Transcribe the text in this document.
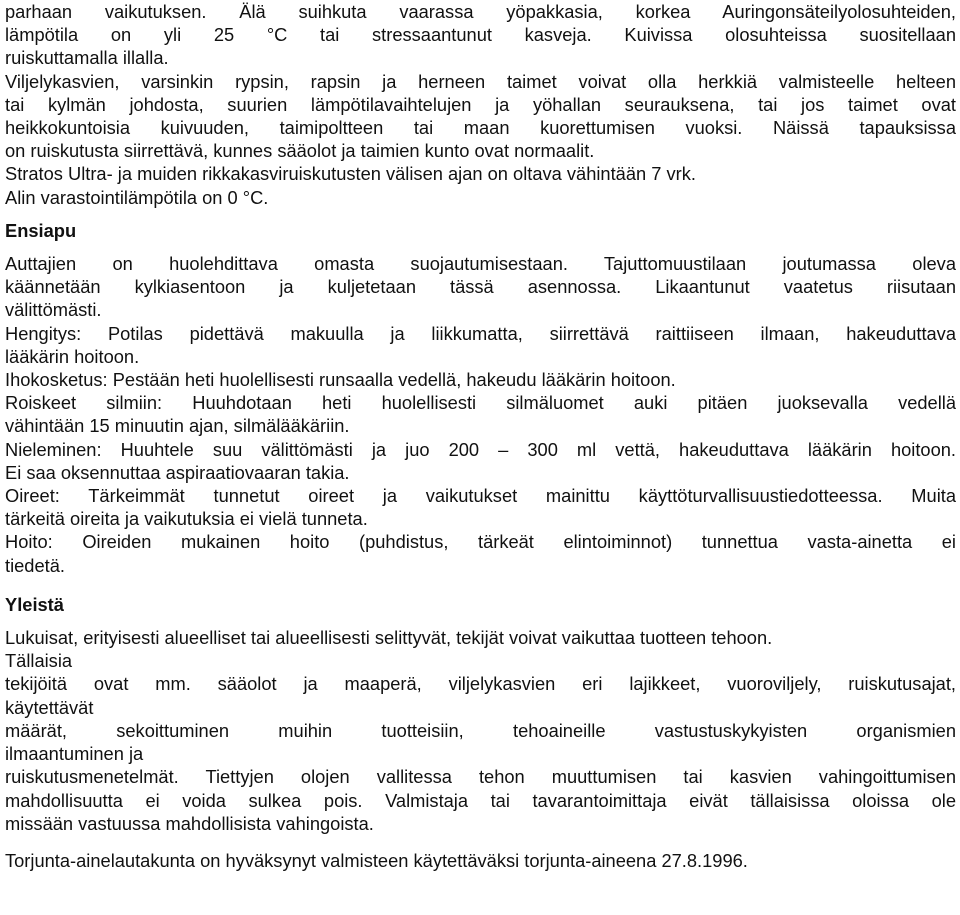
parhaan vaikutuksen. Älä suihkuta vaarassa yöpakkasia, korkea Auringonsäteilyolosuhteiden,
lämpötila on yli 25 °C tai stressaantunut kasveja. Kuivissa olosuhteissa suositellaan
ruiskuttamalla illalla.
Viljelykasvien, varsinkin rypsin, rapsin ja herneen taimet voivat olla herkkiä valmisteelle helteen
tai kylmän johdosta, suurien lämpötilavaihtelujen ja yöhallan seurauksena, tai jos taimet ovat
heikkokuntoisia kuivuuden, taimipoltteen tai maan kuorettumisen vuoksi. Näissä tapauksissa
on ruiskutusta siirrettävä, kunnes sääolot ja taimien kunto ovat normaalit.
Stratos Ultra- ja muiden rikkakasviruiskutusten välisen ajan on oltava vähintään 7 vrk.
Alin varastointilämpötila on 0 °C.
Ensiapu
Auttajien on huolehdittava omasta suojautumisestaan. Tajuttomuustilaan joutumassa oleva
käännetään kylkiasentoon ja kuljetetaan tässä asennossa. Likaantunut vaatetus riisutaan
välittömästi.
Hengitys: Potilas pidettävä makuulla ja liikkumatta, siirrettävä raittiiseen ilmaan, hakeuduttava
lääkärin hoitoon.
Ihokosketus: Pestään heti huolellisesti runsaalla vedellä, hakeudu lääkärin hoitoon.
Roiskeet silmiin: Huuhdotaan heti huolellisesti silmäluomet auki pitäen juoksevalla vedellä
vähintään 15 minuutin ajan, silmälääkäriin.
Nieleminen: Huuhtele suu välittömästi ja juo 200 – 300 ml vettä, hakeuduttava lääkärin hoitoon.
Ei saa oksennuttaa aspiraatiovaaran takia.
Oireet: Tärkeimmät tunnetut oireet ja vaikutukset mainittu käyttöturvallisuustiedotteessa. Muita
tärkeitä oireita ja vaikutuksia ei vielä tunneta.
Hoito: Oireiden mukainen hoito (puhdistus, tärkeät elintoiminnot) tunnettua vasta-ainetta ei
tiedetä.
Yleistä
Lukuisat, erityisesti alueelliset tai alueellisesti selittyvät, tekijät voivat vaikuttaa tuotteen tehoon.
Tällaisia
tekijöitä ovat mm. sääolot ja maaperä, viljelykasvien eri lajikkeet, vuoroviljely, ruiskutusajat,
käytettävät
määrät, sekoittuminen muihin tuotteisiin, tehoaineille vastustuskykyisten organismien
ilmaantuminen ja
ruiskutusmenetelmät. Tiettyjen olojen vallitessa tehon muuttumisen tai kasvien vahingoittumisen
mahdollisuutta ei voida sulkea pois. Valmistaja tai tavarantoimittaja eivät tällaisissa oloissa ole
missään vastuussa mahdollisista vahingoista.
Torjunta-ainelautakunta on hyväksynyt valmisteen käytettäväksi torjunta-aineena 27.8.1996.
